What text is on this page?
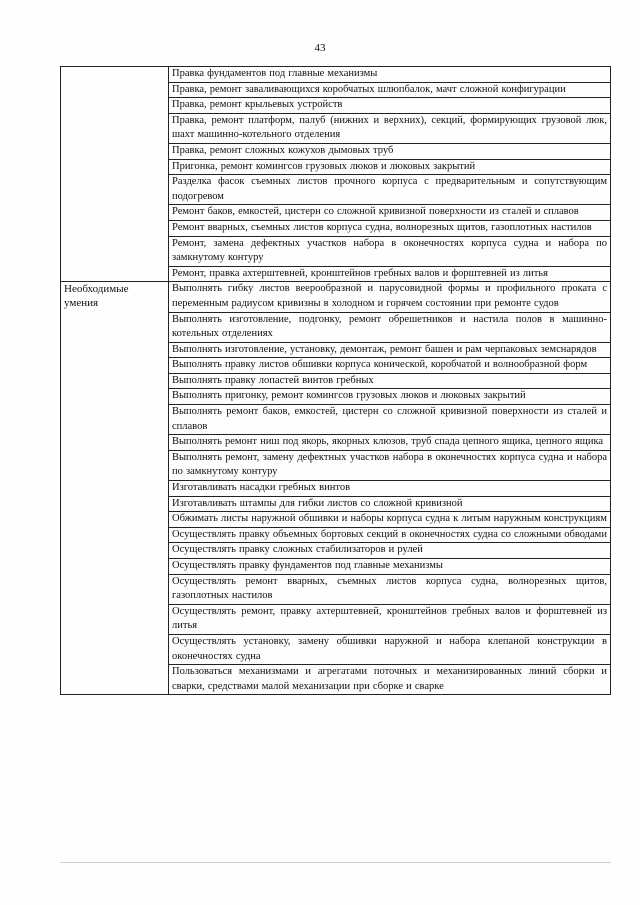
43
	Правка фундаментов под главные механизмы
	Правка, ремонт заваливающихся коробчатых шлюпбалок, мачт сложной конфигурации
	Правка, ремонт крыльевых устройств
	Правка, ремонт платформ, палуб (нижних и верхних), секций, формирующих грузовой люк, шахт машинно-котельного отделения
	Правка, ремонт сложных кожухов дымовых труб
	Пригонка, ремонт комингсов грузовых люков и люковых закрытий
	Разделка фасок съемных листов прочного корпуса с предварительным и сопутствующим подогревом
	Ремонт баков, емкостей, цистерн со сложной кривизной поверхности из сталей и сплавов
	Ремонт вварных, съемных листов корпуса судна, волнорезных щитов, газоплотных настилов
	Ремонт, замена дефектных участков набора в оконечностях корпуса судна и набора по замкнутому контуру
	Ремонт, правка ахтерштевней, кронштейнов гребных валов и форштевней из литья
Необходимые умения	Выполнять гибку листов веерообразной и парусовидной формы и профильного проката с переменным радиусом кривизны в холодном и горячем состоянии при ремонте судов
	Выполнять изготовление, подгонку, ремонт обрешетников и настила полов в машинно-котельных отделениях
	Выполнять изготовление, установку, демонтаж, ремонт башен и рам черпаковых земснарядов
	Выполнять правку листов обшивки корпуса конической, коробчатой и волнообразной форм
	Выполнять правку лопастей винтов гребных
	Выполнять пригонку, ремонт комингсов грузовых люков и люковых закрытий
	Выполнять ремонт баков, емкостей, цистерн со сложной кривизной поверхности из сталей и сплавов
	Выполнять ремонт ниш под якорь, якорных клюзов, труб спада цепного ящика, цепного ящика
	Выполнять ремонт, замену дефектных участков набора в оконечностях корпуса судна и набора по замкнутому контуру
	Изготавливать насадки гребных винтов
	Изготавливать штампы для гибки листов со сложной кривизной
	Обжимать листы наружной обшивки и наборы корпуса судна к литым наружным конструкциям
	Осуществлять правку объемных бортовых секций в оконечностях судна со сложными обводами
	Осуществлять правку сложных стабилизаторов и рулей
	Осуществлять правку фундаментов под главные механизмы
	Осуществлять ремонт вварных, съемных листов корпуса судна, волнорезных щитов, газоплотных настилов
	Осуществлять ремонт, правку ахтерштевней, кронштейнов гребных валов и форштевней из литья
	Осуществлять установку, замену обшивки наружной и набора клепаной конструкции в оконечностях судна
	Пользоваться механизмами и агрегатами поточных и механизированных линий сборки и сварки, средствами малой механизации при сборке и сварке
